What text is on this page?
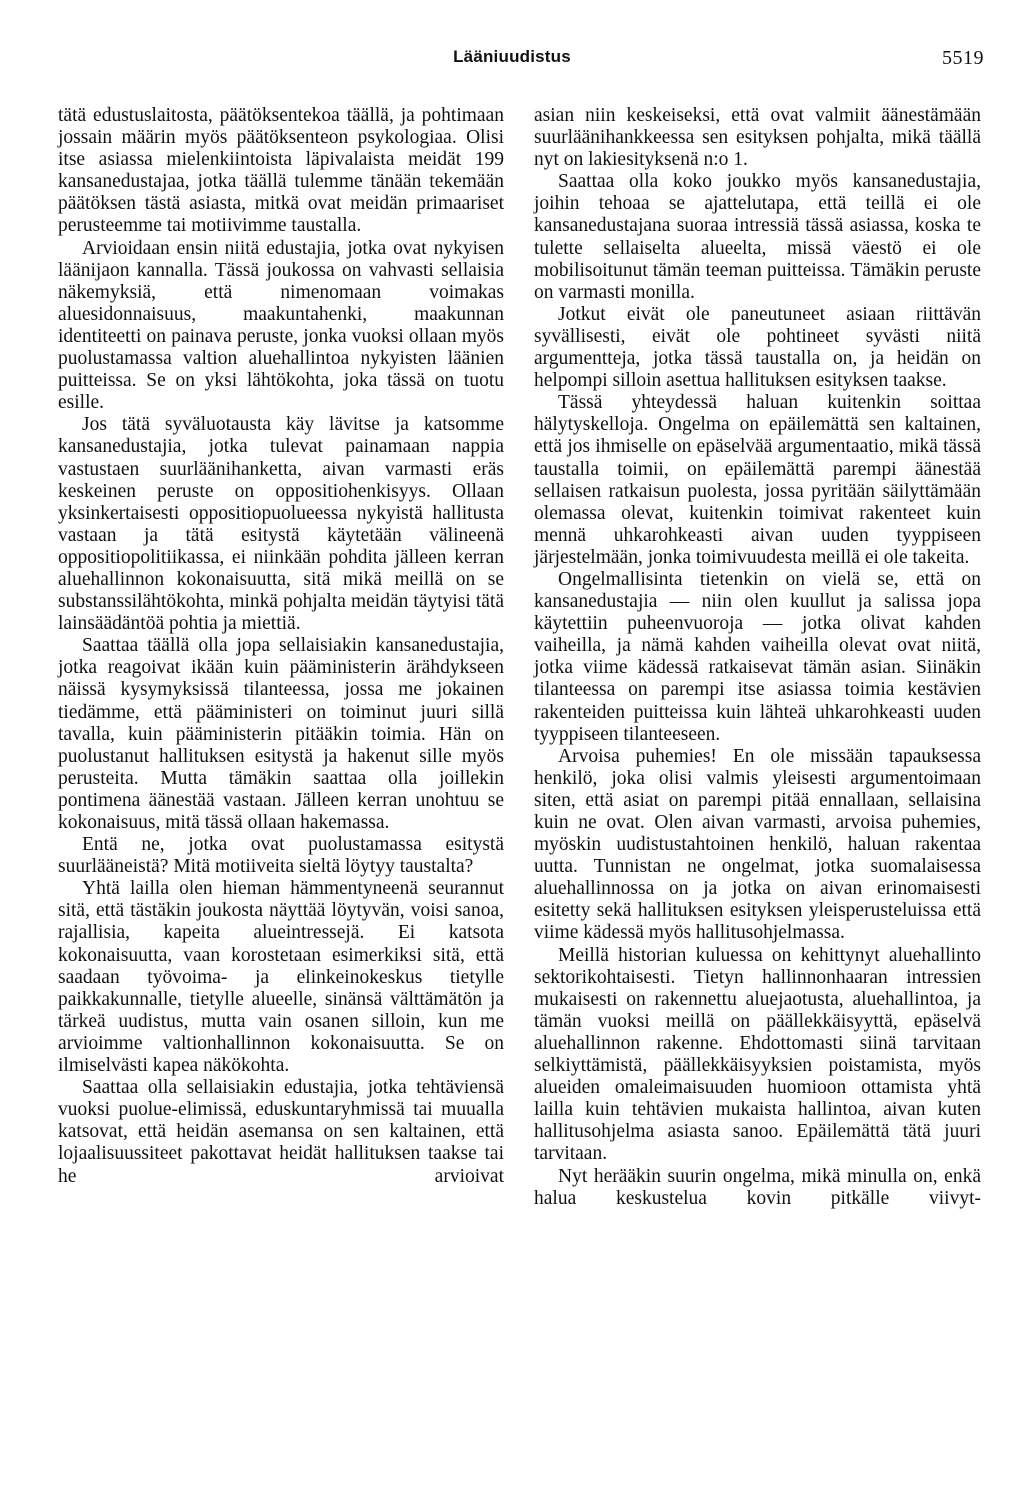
Lääniuudistus	5519

tätä edustuslaitosta, päätöksentekoa täällä, ja pohtimaan jossain määrin myös päätöksenteon psykologiaa. Olisi itse asiassa mielenkiintoista läpivalaista meidät 199 kansanedustajaa, jotka täällä tulemme tänään tekemään päätöksen tästä asiasta, mitkä ovat meidän primaariset perusteemme tai motiivimme taustalla.

Arvioidaan ensin niitä edustajia, jotka ovat nykyisen läänijaon kannalla. Tässä joukossa on vahvasti sellaisia näkemyksiä, että nimenomaan voimakas aluesidonnaisuus, maakuntahenki, maakunnan identiteetti on painava peruste, jonka vuoksi ollaan myös puolustamassa valtion aluehallintoa nykyisten läänien puitteissa. Se on yksi lähtökohta, joka tässä on tuotu esille.

Jos tätä syväluotausta käy lävitse ja katsomme kansanedustajia, jotka tulevat painamaan nappia vastustaen suurläänihanketta, aivan varmasti eräs keskeinen peruste on oppositiohenkisyys. Ollaan yksinkertaisesti oppositiopuolueessa nykyistä hallitusta vastaan ja tätä esitystä käytetään välineenä oppositiopolitiikassa, ei niinkään pohdita jälleen kerran aluehallinnon kokonaisuutta, sitä mikä meillä on se substanssilähtökohta, minkä pohjalta meidän täytyisi tätä lainsäädäntöä pohtia ja miettiä.

Saattaa täällä olla jopa sellaisiakin kansanedustajia, jotka reagoivat ikään kuin pääministerin ärähdykseen näissä kysymyksissä tilanteessa, jossa me jokainen tiedämme, että pääministeri on toiminut juuri sillä tavalla, kuin pääministerin pitääkin toimia. Hän on puolustanut hallituksen esitystä ja hakenut sille myös perusteita. Mutta tämäkin saattaa olla joillekin pontimena äänestää vastaan. Jälleen kerran unohtuu se kokonaisuus, mitä tässä ollaan hakemassa.

Entä ne, jotka ovat puolustamassa esitystä suurlääneistä? Mitä motiiveita sieltä löytyy taustalta?

Yhtä lailla olen hieman hämmentyneenä seurannut sitä, että tästäkin joukosta näyttää löytyvän, voisi sanoa, rajallisia, kapeita alueintressejä. Ei katsota kokonaisuutta, vaan korostetaan esimerkiksi sitä, että saadaan työvoima- ja elinkeinokeskus tietylle paikkakunnalle, tietylle alueelle, sinänsä välttämätön ja tärkeä uudistus, mutta vain osanen silloin, kun me arvioimme valtionhallinnon kokonaisuutta. Se on ilmiselvästi kapea näkökohta.

Saattaa olla sellaisiakin edustajia, jotka tehtäviensä vuoksi puolue-elimissä, eduskuntaryhmissä tai muualla katsovat, että heidän asemansa on sen kaltainen, että lojaalisuussiteet pakottavat heidät hallituksen taakse tai he arvioivat

asian niin keskeiseksi, että ovat valmiit äänestämään suurläänihankkeessa sen esityksen pohjalta, mikä täällä nyt on lakiesityksenä n:o 1.

Saattaa olla koko joukko myös kansanedustajia, joihin tehoaa se ajattelutapa, että teillä ei ole kansanedustajana suoraa intressiä tässä asiassa, koska te tulette sellaiselta alueelta, missä väestö ei ole mobilisoitunut tämän teeman puitteissa. Tämäkin peruste on varmasti monilla.

Jotkut eivät ole paneutuneet asiaan riittävän syvällisesti, eivät ole pohtineet syvästi niitä argumentteja, jotka tässä taustalla on, ja heidän on helpompi silloin asettua hallituksen esityksen taakse.

Tässä yhteydessä haluan kuitenkin soittaa hälytyskelloja. Ongelma on epäilemättä sen kaltainen, että jos ihmiselle on epäselvää argumentaatio, mikä tässä taustalla toimii, on epäilemättä parempi äänestää sellaisen ratkaisun puolesta, jossa pyritään säilyttämään olemassa olevat, kuitenkin toimivat rakenteet kuin mennä uhkarohkeasti aivan uuden tyyppiseen järjestelmään, jonka toimivuudesta meillä ei ole takeita.

Ongelmallisinta tietenkin on vielä se, että on kansanedustajia — niin olen kuullut ja salissa jopa käytettiin puheenvuoroja — jotka olivat kahden vaiheilla, ja nämä kahden vaiheilla olevat ovat niitä, jotka viime kädessä ratkaisevat tämän asian. Siinäkin tilanteessa on parempi itse asiassa toimia kestävien rakenteiden puitteissa kuin lähteä uhkarohkeasti uuden tyyppiseen tilanteeseen.

Arvoisa puhemies! En ole missään tapauksessa henkilö, joka olisi valmis yleisesti argumentoimaan siten, että asiat on parempi pitää ennallaan, sellaisina kuin ne ovat. Olen aivan varmasti, arvoisa puhemies, myöskin uudistustahtoinen henkilö, haluan rakentaa uutta. Tunnistan ne ongelmat, jotka suomalaisessa aluehallinnossa on ja jotka on aivan erinomaisesti esitetty sekä hallituksen esityksen yleisperusteluissa että viime kädessä myös hallitusohjelmassa.

Meillä historian kuluessa on kehittynyt aluehallinto sektorikohtaisesti. Tietyn hallinnonhaaran intressien mukaisesti on rakennettu aluejaotusta, aluehallintoa, ja tämän vuoksi meillä on päällekkäisyyttä, epäselvä aluehallinnon rakenne. Ehdottomasti siinä tarvitaan selkiyttämistä, päällekkäisyyksien poistamista, myös alueiden omaleimaisuuden huomioon ottamista yhtä lailla kuin tehtävien mukaista hallintoa, aivan kuten hallitusohjelma asiasta sanoo. Epäilemättä tätä juuri tarvitaan.

Nyt herääkin suurin ongelma, mikä minulla on, enkä halua keskustelua kovin pitkälle viivyt-
